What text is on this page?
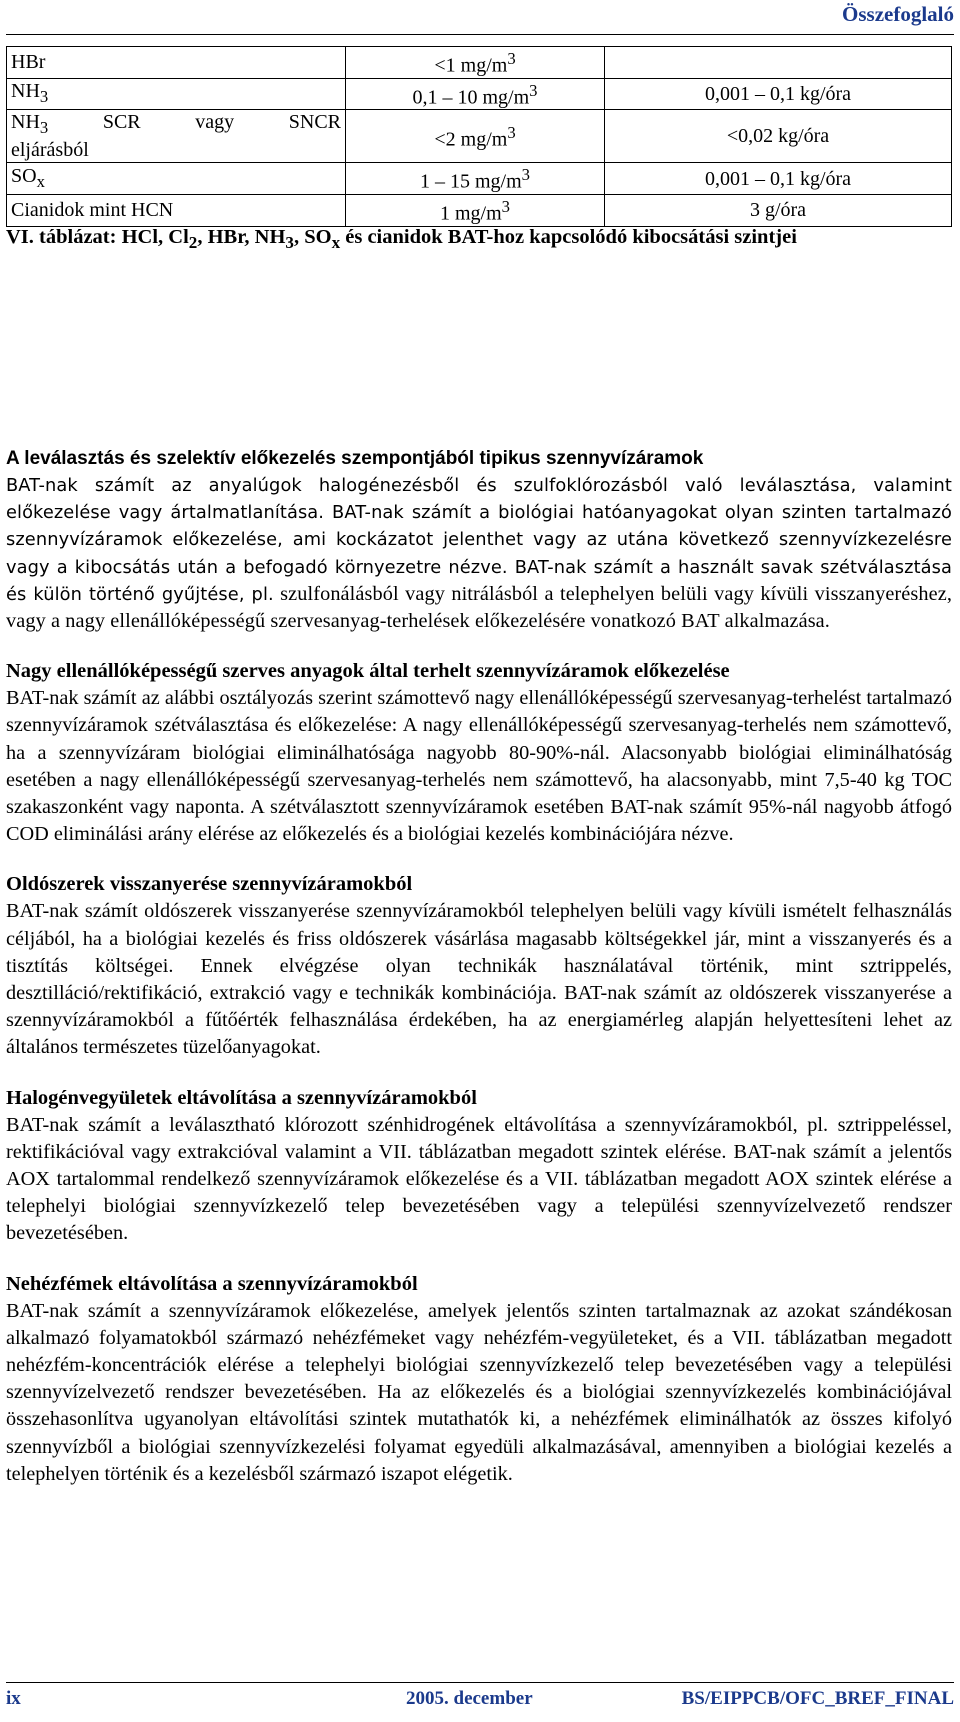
Összefoglaló
HBr	<1 $mg/m^3$	
$NH_3$	0,1 – 10 $mg/m^3$	0,001 – 0,1 kg/óra

$NH_3$ SCR vagy SNCR
eljárásból	<2 $mg/m^3$	<0,02 kg/óra
$SO_x$	1 – 15 $mg/m^3$	0,001 – 0,1 kg/óra
Cianidok mint HCN	1 $mg/m^3$	3 g/óra
VI. táblázat: HCl, $Cl_2$, HBr, $NH_3$, $SO_x$ és cianidok BAT-hoz kapcsolódó kibocsátási szintjei
A leválasztás és szelektív előkezelés szempontjából tipikus szennyvízáramok
BAT-nak számít az anyalúgok halogénezésből és szulfoklórozásból való leválasztása, valamint előkezelése vagy ártalmatlanítása. BAT-nak számít a biológiai hatóanyagokat olyan szinten tartalmazó szennyvízáramok előkezelése, ami kockázatot jelenthet vagy az utána következő szennyvízkezelésre vagy a kibocsátás után a befogadó környezetre nézve. BAT-nak számít a használt savak szétválasztása és külön történő gyűjtése, pl. szulfonálásból vagy nitrálásból a telephelyen belüli vagy kívüli visszanyeréshez, vagy a nagy ellenállóképességű szervesanyag-terhelések előkezelésére vonatkozó BAT alkalmazása.
Nagy ellenállóképességű szerves anyagok által terhelt szennyvízáramok előkezelése
BAT-nak számít az alábbi osztályozás szerint számottevő nagy ellenállóképességű szervesanyag-terhelést tartalmazó szennyvízáramok szétválasztása és előkezelése: A nagy ellenállóképességű szervesanyag-terhelés nem számottevő, ha a szennyvízáram biológiai eliminálhatósága nagyobb 80-90%-nál. Alacsonyabb biológiai eliminálhatóság esetében a nagy ellenállóképességű szervesanyag-terhelés nem számottevő, ha alacsonyabb, mint 7,5-40 kg TOC szakaszonként vagy naponta. A szétválasztott szennyvízáramok esetében BAT-nak számít 95%-nál nagyobb átfogó COD eliminálási arány elérése az előkezelés és a biológiai kezelés kombinációjára nézve.
Oldószerek visszanyerése szennyvízáramokból
BAT-nak számít oldószerek visszanyerése szennyvízáramokból telephelyen belüli vagy kívüli ismételt felhasználás céljából, ha a biológiai kezelés és friss oldószerek vásárlása magasabb költségekkel jár, mint a visszanyerés és a tisztítás költségei. Ennek elvégzése olyan technikák használatával történik, mint sztrippelés, desztilláció/rektifikáció, extrakció vagy e technikák kombinációja. BAT-nak számít az oldószerek visszanyerése a szennyvízáramokból a fűtőérték felhasználása érdekében, ha az energiamérleg alapján helyettesíteni lehet az általános természetes tüzelőanyagokat.
Halogénvegyületek eltávolítása a szennyvízáramokból
BAT-nak számít a leválasztható klórozott szénhidrogének eltávolítása a szennyvízáramokból, pl. sztrippeléssel, rektifikációval vagy extrakcióval valamint a VII. táblázatban megadott szintek elérése. BAT-nak számít a jelentős AOX tartalommal rendelkező szennyvízáramok előkezelése és a VII. táblázatban megadott AOX szintek elérése a telephelyi biológiai szennyvízkezelő telep bevezetésében vagy a települési szennyvízelvezető rendszer bevezetésében.
Nehézfémek eltávolítása a szennyvízáramokból
BAT-nak számít a szennyvízáramok előkezelése, amelyek jelentős szinten tartalmaznak az azokat szándékosan alkalmazó folyamatokból származó nehézfémeket vagy nehézfém-vegyületeket, és a VII. táblázatban megadott nehézfém-koncentrációk elérése a telephelyi biológiai szennyvízkezelő telep bevezetésében vagy a települési szennyvízelvezető rendszer bevezetésében. Ha az előkezelés és a biológiai szennyvízkezelés kombinációjával összehasonlítva ugyanolyan eltávolítási szintek mutathatók ki, a nehézfémek eliminálhatók az összes kifolyó szennyvízből a biológiai szennyvízkezelési folyamat egyedüli alkalmazásával, amennyiben a biológiai kezelés a telephelyen történik és a kezelésből származó iszapot elégetik.
ix	2005. december	BS/EIPPCB/OFC_BREF_FINAL
